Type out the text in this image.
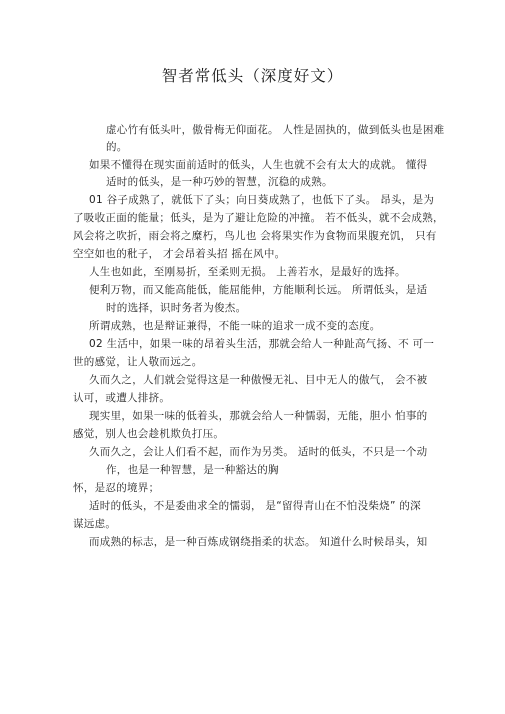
智者常低头（深度好文）

虚心竹有低头叶，傲骨梅无仰面花。 人性是固执的，做到低头也是困难

的。

如果不懂得在现实面前适时的低头，人生也就不会有太大的成就。 懂得

适时的低头，是一种巧妙的智慧，沉稳的成熟。

01 谷子成熟了，就低下了头；向日葵成熟了，也低下了头。 昂头，是为

了吸收正面的能量；低头，是为了避让危险的冲撞。 若不低头，就不会成熟，

风会将之吹折，雨会将之糜朽，鸟儿也 会将果实作为食物而果腹充饥， 只有

空空如也的秕子， 才会昂着头招 摇在风中。

人生也如此，至刚易折，至柔则无损。 上善若水，是最好的选择。

便利万物，而又能高能低，能屈能伸，方能顺利长远。 所谓低头，是适

时的选择，识时务者为俊杰。

所谓成熟，也是辩证兼得，不能一味的追求一成不变的态度。

02 生活中，如果一味的昂着头生活，那就会给人一种趾高气扬、不 可一

世的感觉，让人敬而远之。

久而久之，人们就会觉得这是一种傲慢无礼、目中无人的傲气， 会不被

认可，或遭人排挤。

现实里，如果一味的低着头，那就会给人一种懦弱，无能，胆小 怕事的

感觉，别人也会趁机欺负打压。

久而久之，会让人们看不起，而作为另类。 适时的低头，不只是一个动

作，也是一种智慧，是一种豁达的胸

怀，是忍的境界；

适时的低头，不是委曲求全的懦弱， 是“留得青山在不怕没柴烧” 的深

谋远虑。

而成熟的标志，是一种百炼成钢绕指柔的状态。 知道什么时候昂头，知
